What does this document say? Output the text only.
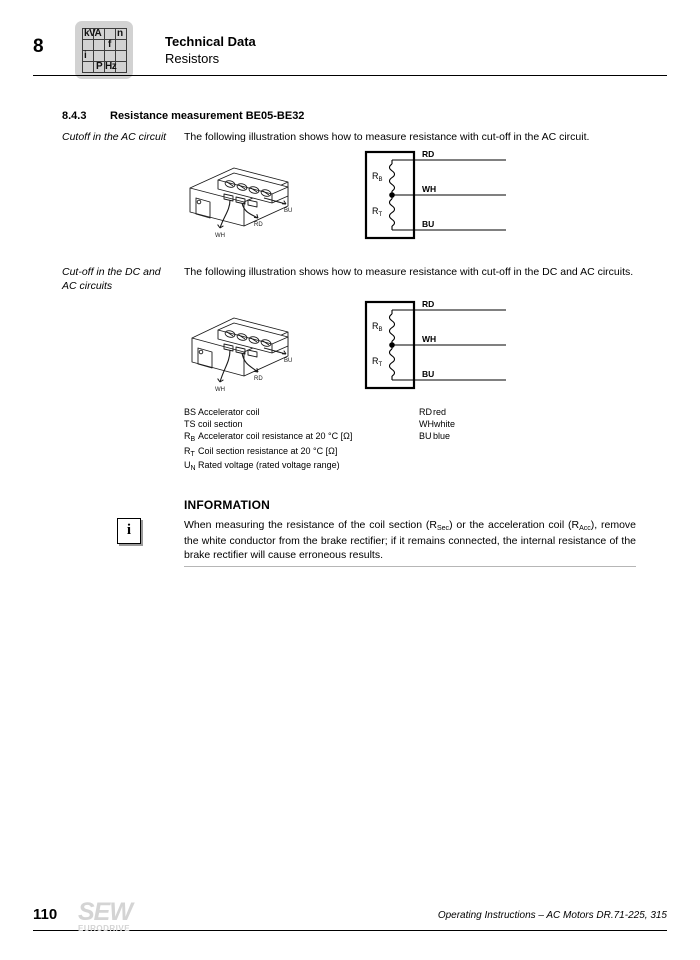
8
kVA n
f
i
P Hz
Technical Data
Resistors
8.4.3 Resistance measurement BE05-BE32
Cutoff in the AC circuit	The following illustration shows how to measure resistance with cut-off in the AC circuit.
WH
RD
BU
$R_B$
$R_T$
RD
WH
BU
Cut-off in the DC and AC circuits
The following illustration shows how to measure resistance with cut-off in the DC and AC circuits.
WH
RD
BU
$R_B$
$R_T$
RD
WH
BU
BS Accelerator coil	RDred
TS coil section	WHwhite
$R_B$ Accelerator coil resistance at 20 °C [Ω]	BUblue
$R_T$ Coil section resistance at 20 °C [Ω]
$U_N$ Rated voltage (rated voltage range)
i
INFORMATION
When measuring the resistance of the coil section $(R_{Sec})$ or the acceleration coil $(R_{Acc})$, remove the white conductor from the brake rectifier; if it remains connected, the internal resistance of the brake rectifier will cause erroneous results.
110 SEW
EURODRIVE
Operating Instructions – AC Motors DR.71-225, 315
